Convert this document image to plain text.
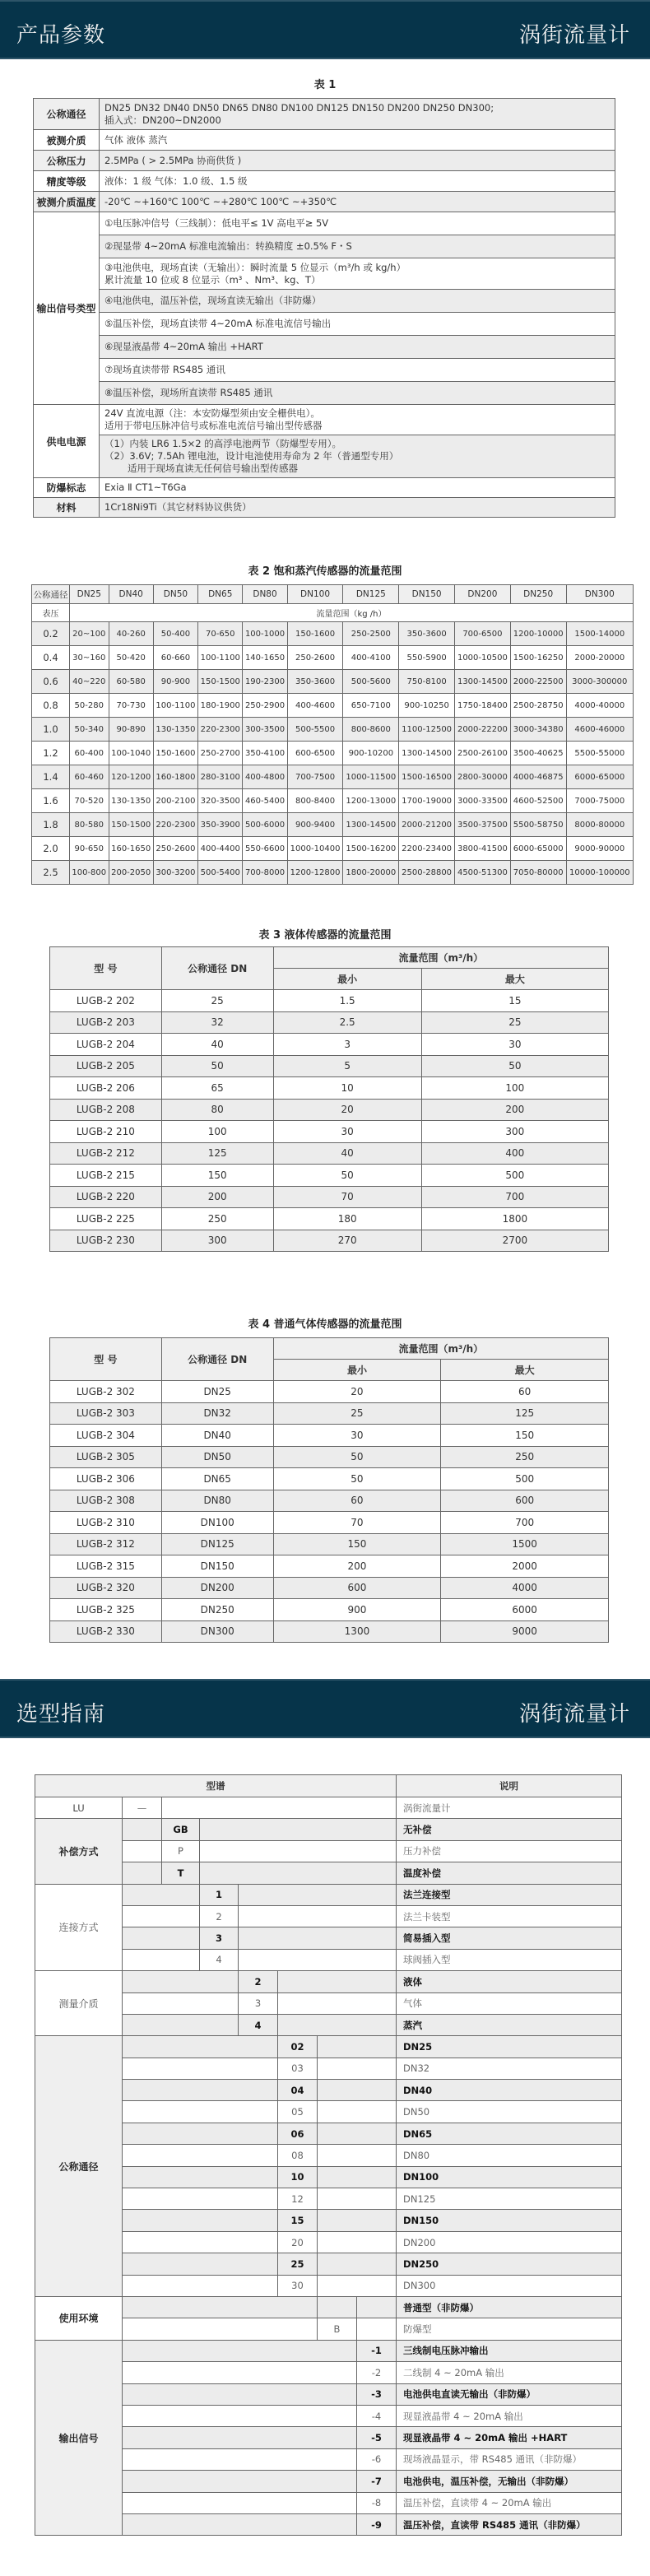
产品参数	涡街流量计
表 1
公称通径	DN25 DN32 DN40 DN50 DN65 DN80 DN100 DN125 DN150 DN200 DN250 DN300;
插入式：DN200~DN2000

被测介质	气体 液体 蒸汽
公称压力	2.5MPa ( > 2.5MPa 协商供货 )
精度等级	液体：1 级 气体：1.0 级、1.5 级
被测介质温度	-20℃ ~+160℃ 100℃ ~+280℃ 100℃ ~+350℃
输出信号类型	①电压脉冲信号（三线制）：低电平≤ 1V 高电平≥ 5V
	②现显带 4~20mA 标准电流输出：转换精度 ±0.5% F・S

	③电池供电，现场直读（无输出）：瞬时流量 5 位显示（m³/h 或 kg/h）
累计流量 10 位或 8 位显示（m³ 、Nm³、kg、T）

	④电池供电，温压补偿，现场直读无输出（非防爆）
	⑤温压补偿，现场直读带 4~20mA 标准电流信号输出
	⑥现显液晶带 4~20mA 输出 +HART
	⑦现场直读带带 RS485 通讯
	⑧温压补偿，现场所直读带 RS485 通讯
供电电源	24V 直流电源（注：本安防爆型须由安全栅供电）。
适用于带电压脉冲信号或标准电流信号输出型传感器

	（1）内装 LR6 1.5×2 的高浮电池两节（防爆型专用）。
（2）3.6V; 7.5Ah 锂电池，设计电池使用寿命为 2 年（普通型专用）
适用于现场直读无任何信号输出型传感器

防爆标志	Exia Ⅱ CT1~T6Ga
材料	1Cr18Ni9Ti（其它材料协议供货）
表 2 饱和蒸汽传感器的流量范围
公称通径	DN25	DN40	DN50	DN65	DN80	DN100	DN125	DN150	DN200	DN250	DN300
表压	流量范围（kg /h）										
0.2	20~100	40-260	50-400	70-650	100-1000	150-1600	250-2500	350-3600	700-6500	1200-10000	1500-14000
0.4	30~160	50-420	60-660	100-1100	140-1650	250-2600	400-4100	550-5900	1000-10500	1500-16250	2000-20000
0.6	40~220	60-580	90-900	150-1500	190-2300	350-3600	500-5600	750-8100	1300-14500	2000-22500	3000-300000
0.8	50-280	70-730	100-1100	180-1900	250-2900	400-4600	650-7100	900-10250	1750-18400	2500-28750	4000-40000
1.0	50-340	90-890	130-1350	220-2300	300-3500	500-5500	800-8600	1100-12500	2000-22200	3000-34380	4600-46000
1.2	60-400	100-1040	150-1600	250-2700	350-4100	600-6500	900-10200	1300-14500	2500-26100	3500-40625	5500-55000
1.4	60-460	120-1200	160-1800	280-3100	400-4800	700-7500	1000-11500	1500-16500	2800-30000	4000-46875	6000-65000
1.6	70-520	130-1350	200-2100	320-3500	460-5400	800-8400	1200-13000	1700-19000	3000-33500	4600-52500	7000-75000
1.8	80-580	150-1500	220-2300	350-3900	500-6000	900-9400	1300-14500	2000-21200	3500-37500	5500-58750	8000-80000
2.0	90-650	160-1650	250-2600	400-4400	550-6600	1000-10400	1500-16200	2200-23400	3800-41500	6000-65000	9000-90000
2.5	100-800	200-2050	300-3200	500-5400	700-8000	1200-12800	1800-20000	2500-28800	4500-51300	7050-80000	10000-100000
表 3 液体传感器的流量范围
型 号	公称通径 DN	流量范围（m³/h）	
		最小	最大
LUGB-2 202	25	1.5	15
LUGB-2 203	32	2.5	25
LUGB-2 204	40	3	30
LUGB-2 205	50	5	50
LUGB-2 206	65	10	100
LUGB-2 208	80	20	200
LUGB-2 210	100	30	300
LUGB-2 212	125	40	400
LUGB-2 215	150	50	500
LUGB-2 220	200	70	700
LUGB-2 225	250	180	1800
LUGB-2 230	300	270	2700
表 4 普通气体传感器的流量范围
型 号	公称通径 DN	流量范围（m³/h）	
		最小	最大
LUGB-2 302	DN25	20	60
LUGB-2 303	DN32	25	125
LUGB-2 304	DN40	30	150
LUGB-2 305	DN50	50	250
LUGB-2 306	DN65	50	500
LUGB-2 308	DN80	60	600
LUGB-2 310	DN100	70	700
LUGB-2 312	DN125	150	1500
LUGB-2 315	DN150	200	2000
LUGB-2 320	DN200	600	4000
LUGB-2 325	DN250	900	6000
LUGB-2 330	DN300	1300	9000
选型指南	涡街流量计
型谱								说明
LU	—							涡街流量计
补偿方式		GB						无补偿
		P						压力补偿
		T						温度补偿
连接方式			1					法兰连接型
			2					法兰卡装型
			3					简易插入型
			4					球阀插入型
测量介质				2				液体
				3				气体
				4				蒸汽
公称通径					02			DN25
					03			DN32
					04			DN40
					05			DN50
					06			DN65
					08			DN80
					10			DN100
					12			DN125
					15			DN150
					20			DN200
					25			DN250
					30			DN300
使用环境								普通型（非防爆）
						B		防爆型
输出信号							-1	三线制电压脉冲输出
							-2	二线制 4 ~ 20mA 输出
							-3	电池供电直读无输出（非防爆）
							-4	现显液晶带 4 ~ 20mA 输出
							-5	现显液晶带 4 ~ 20mA 输出 +HART
							-6	现场液晶显示，带 RS485 通讯（非防爆）
							-7	电池供电，温压补偿，无输出（非防爆）
							-8	温压补偿，直读带 4 ~ 20mA 输出
							-9	温压补偿，直读带 RS485 通讯（非防爆）
